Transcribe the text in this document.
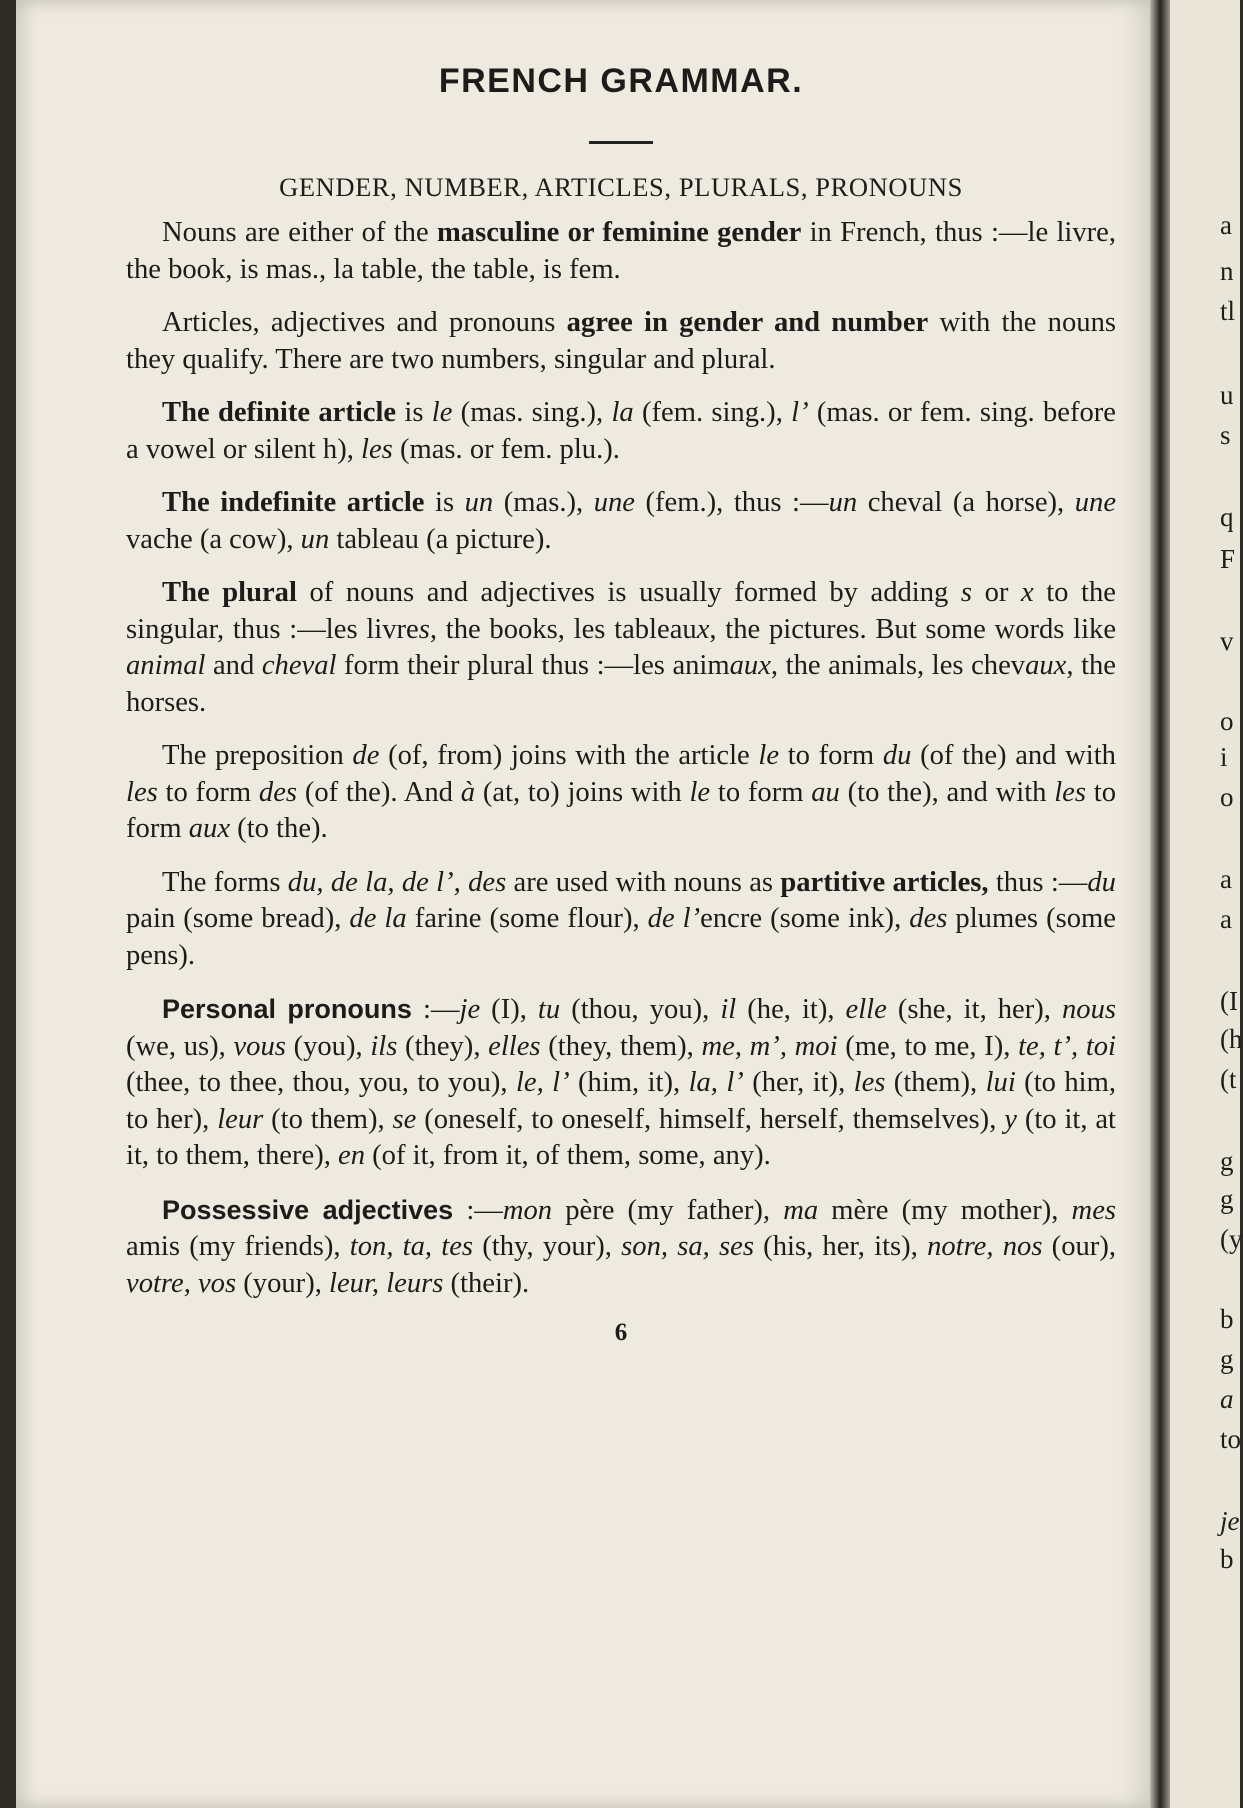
FRENCH GRAMMAR.
GENDER, NUMBER, ARTICLES, PLURALS, PRONOUNS

Nouns are either of the masculine or feminine gender in French, thus :—le livre, the book, is mas., la table, the table, is fem.

Articles, adjectives and pronouns agree in gender and number with the nouns they qualify. There are two numbers, singular and plural.

The definite article is le (mas. sing.), la (fem. sing.), l’ (mas. or fem. sing. before a vowel or silent h), les (mas. or fem. plu.).

The indefinite article is un (mas.), une (fem.), thus :—un cheval (a horse), une vache (a cow), un tableau (a picture).

The plural of nouns and adjectives is usually formed by adding s or x to the singular, thus :—les livres, the books, les tableaux, the pictures. But some words like animal and cheval form their plural thus :—les animaux, the animals, les chevaux, the horses.

The preposition de (of, from) joins with the article le to form du (of the) and with les to form des (of the). And à (at, to) joins with le to form au (to the), and with les to form aux (to the).

The forms du, de la, de l’, des are used with nouns as partitive articles, thus :—du pain (some bread), de la farine (some flour), de l’encre (some ink), des plumes (some pens).

Personal pronouns :—je (I), tu (thou, you), il (he, it), elle (she, it, her), nous (we, us), vous (you), ils (they), elles (they, them), me, m’, moi (me, to me, I), te, t’, toi (thee, to thee, thou, you, to you), le, l’ (him, it), la, l’ (her, it), les (them), lui (to him, to her), leur (to them), se (oneself, to oneself, himself, herself, themselves), y (to it, at it, to them, there), en (of it, from it, of them, some, any).

Possessive adjectives :—mon père (my father), ma mère (my mother), mes amis (my friends), ton, ta, tes (thy, your), son, sa, ses (his, her, its), notre, nos (our), votre, vos (your), leur, leurs (their).

6
a
n
tl
u
s
q
F
v
o
i
o
a
a
(I
(h
(t
g
g
(y
b
g
a
to
je
b
